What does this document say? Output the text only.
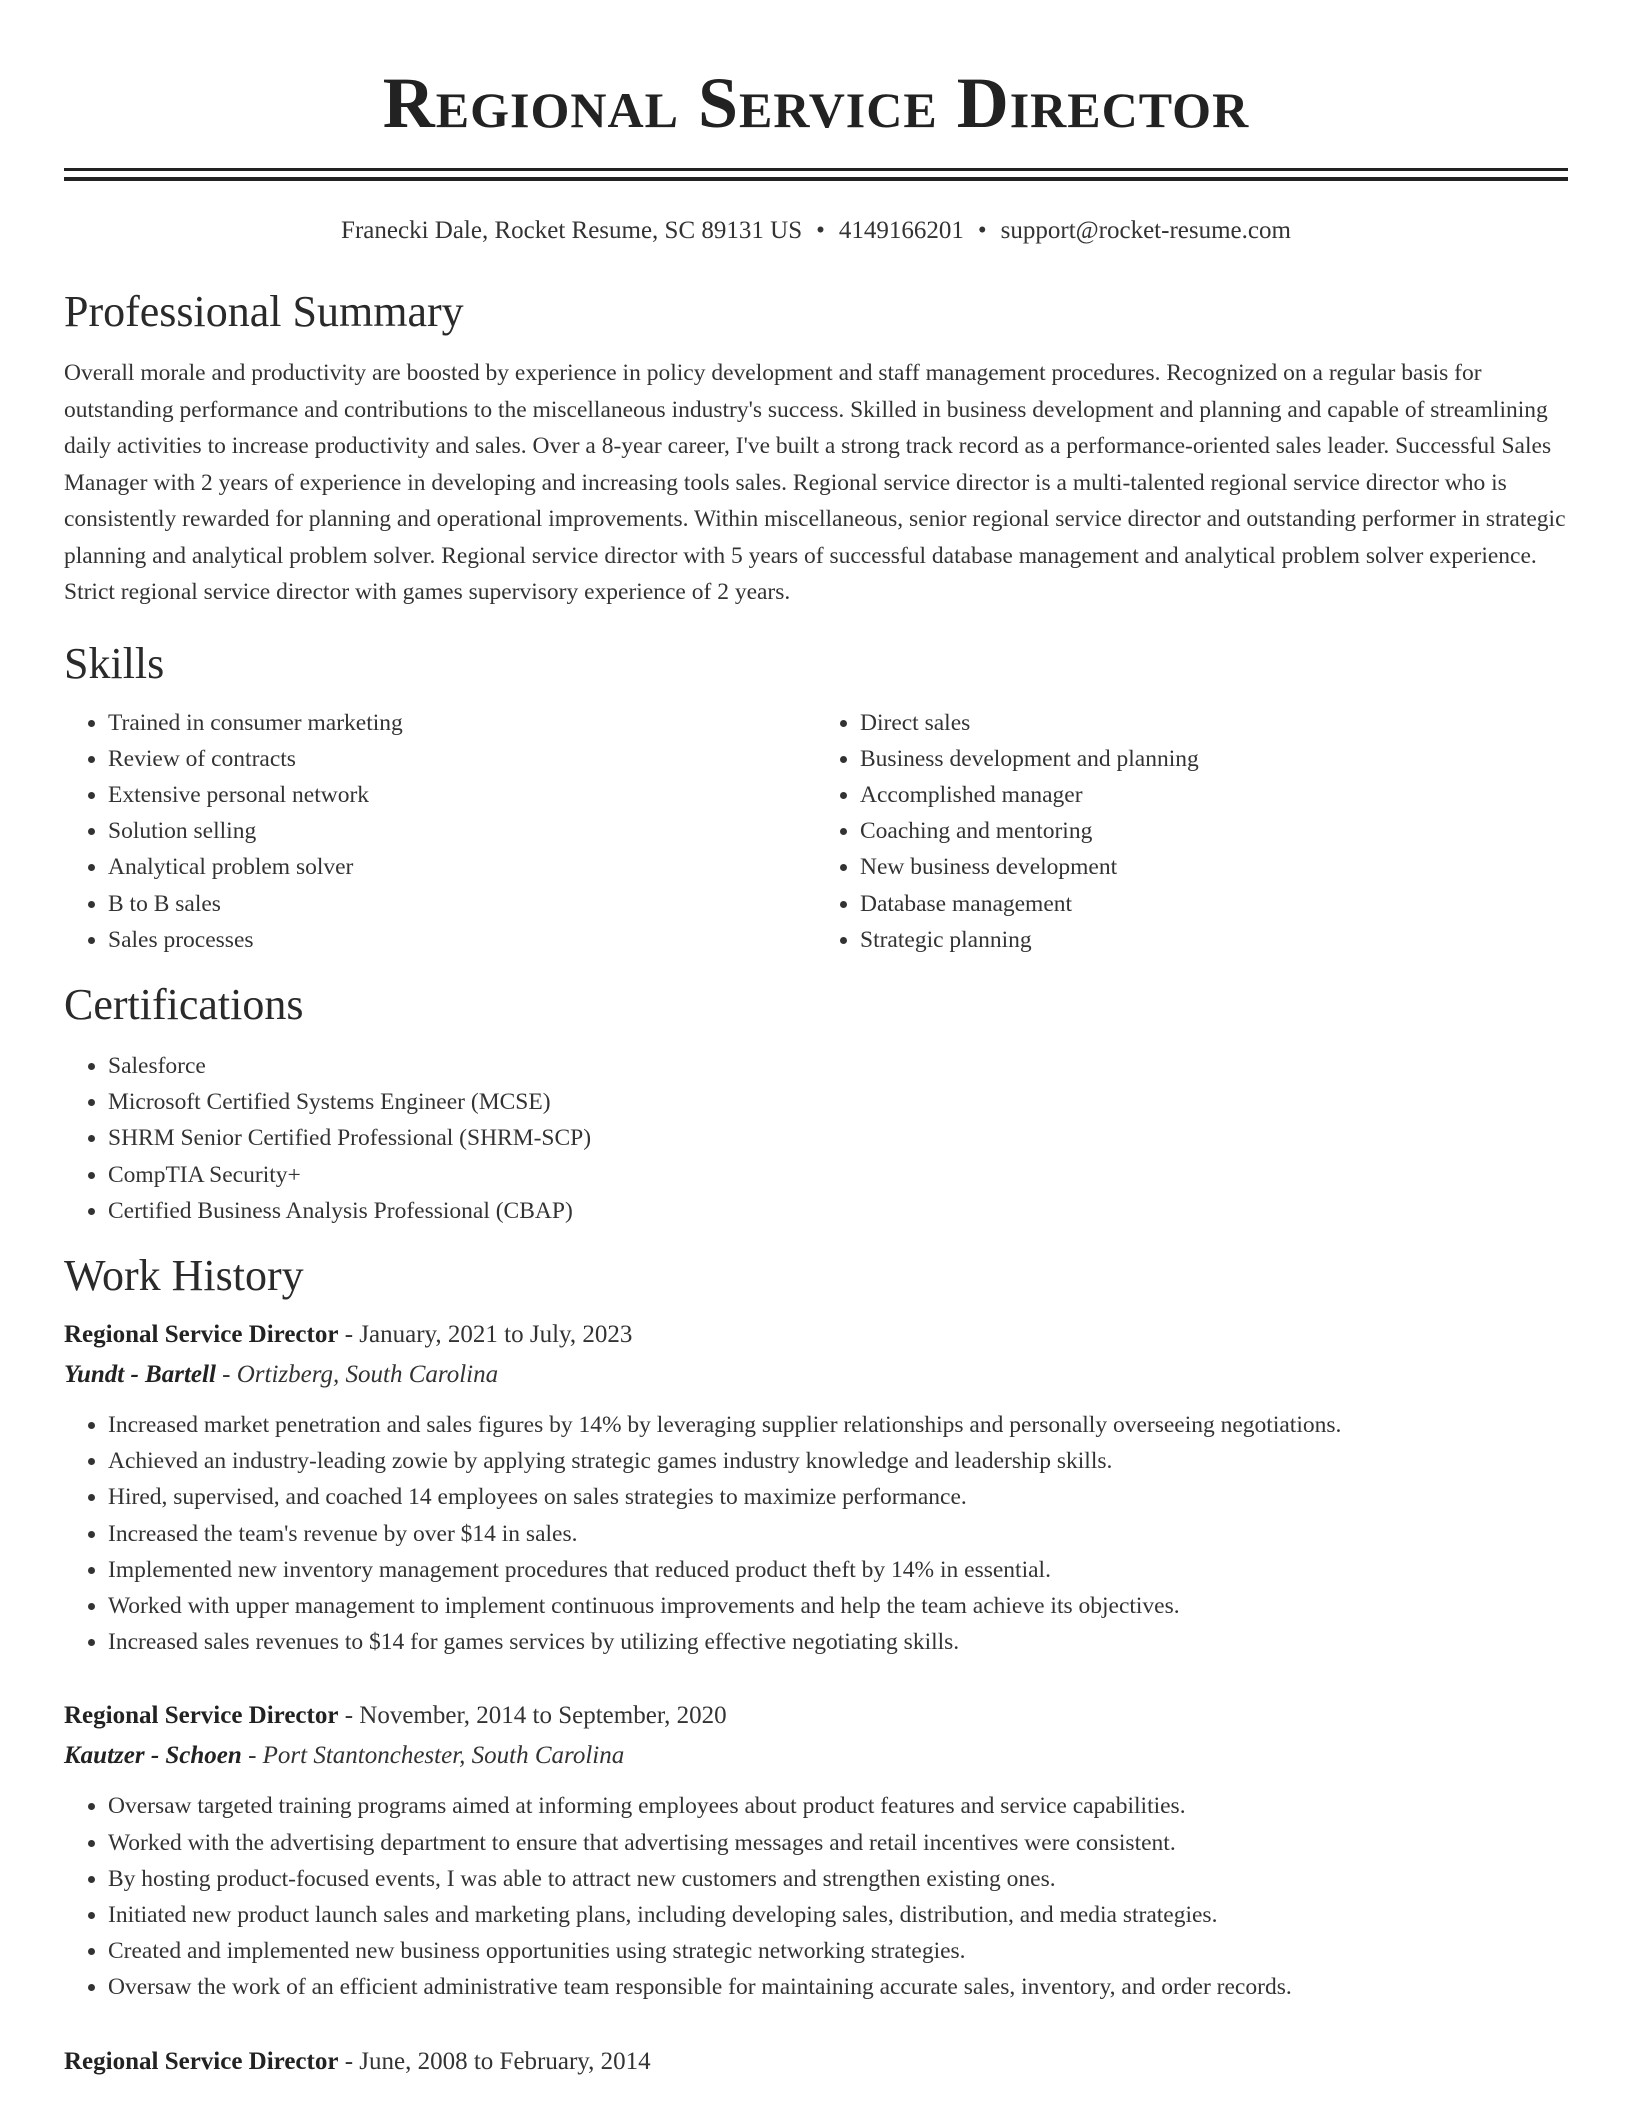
Regional Service Director
Franecki Dale, Rocket Resume, SC 89131 US • 4149166201 • support@rocket-resume.com
Professional Summary
Overall morale and productivity are boosted by experience in policy development and staff management procedures. Recognized on a regular basis for outstanding performance and contributions to the miscellaneous industry's success. Skilled in business development and planning and capable of streamlining daily activities to increase productivity and sales. Over a 8-year career, I've built a strong track record as a performance-oriented sales leader. Successful Sales Manager with 2 years of experience in developing and increasing tools sales. Regional service director is a multi-talented regional service director who is consistently rewarded for planning and operational improvements. Within miscellaneous, senior regional service director and outstanding performer in strategic planning and analytical problem solver. Regional service director with 5 years of successful database management and analytical problem solver experience. Strict regional service director with games supervisory experience of 2 years.
Skills
• Trained in consumer marketing
• Review of contracts
• Extensive personal network
• Solution selling
• Analytical problem solver
• B to B sales
• Sales processes
• Direct sales
• Business development and planning
• Accomplished manager
• Coaching and mentoring
• New business development
• Database management
• Strategic planning
Certifications
• Salesforce
• Microsoft Certified Systems Engineer (MCSE)
• SHRM Senior Certified Professional (SHRM-SCP)
• CompTIA Security+
• Certified Business Analysis Professional (CBAP)
Work History
Regional Service Director - January, 2021 to July, 2023
Yundt - Bartell - Ortizberg, South Carolina
• Increased market penetration and sales figures by 14% by leveraging supplier relationships and personally overseeing negotiations.
• Achieved an industry-leading zowie by applying strategic games industry knowledge and leadership skills.
• Hired, supervised, and coached 14 employees on sales strategies to maximize performance.
• Increased the team's revenue by over $14 in sales.
• Implemented new inventory management procedures that reduced product theft by 14% in essential.
• Worked with upper management to implement continuous improvements and help the team achieve its objectives.
• Increased sales revenues to $14 for games services by utilizing effective negotiating skills.
Regional Service Director - November, 2014 to September, 2020
Kautzer - Schoen - Port Stantonchester, South Carolina
• Oversaw targeted training programs aimed at informing employees about product features and service capabilities.
• Worked with the advertising department to ensure that advertising messages and retail incentives were consistent.
• By hosting product-focused events, I was able to attract new customers and strengthen existing ones.
• Initiated new product launch sales and marketing plans, including developing sales, distribution, and media strategies.
• Created and implemented new business opportunities using strategic networking strategies.
• Oversaw the work of an efficient administrative team responsible for maintaining accurate sales, inventory, and order records.
Regional Service Director - June, 2008 to February, 2014
